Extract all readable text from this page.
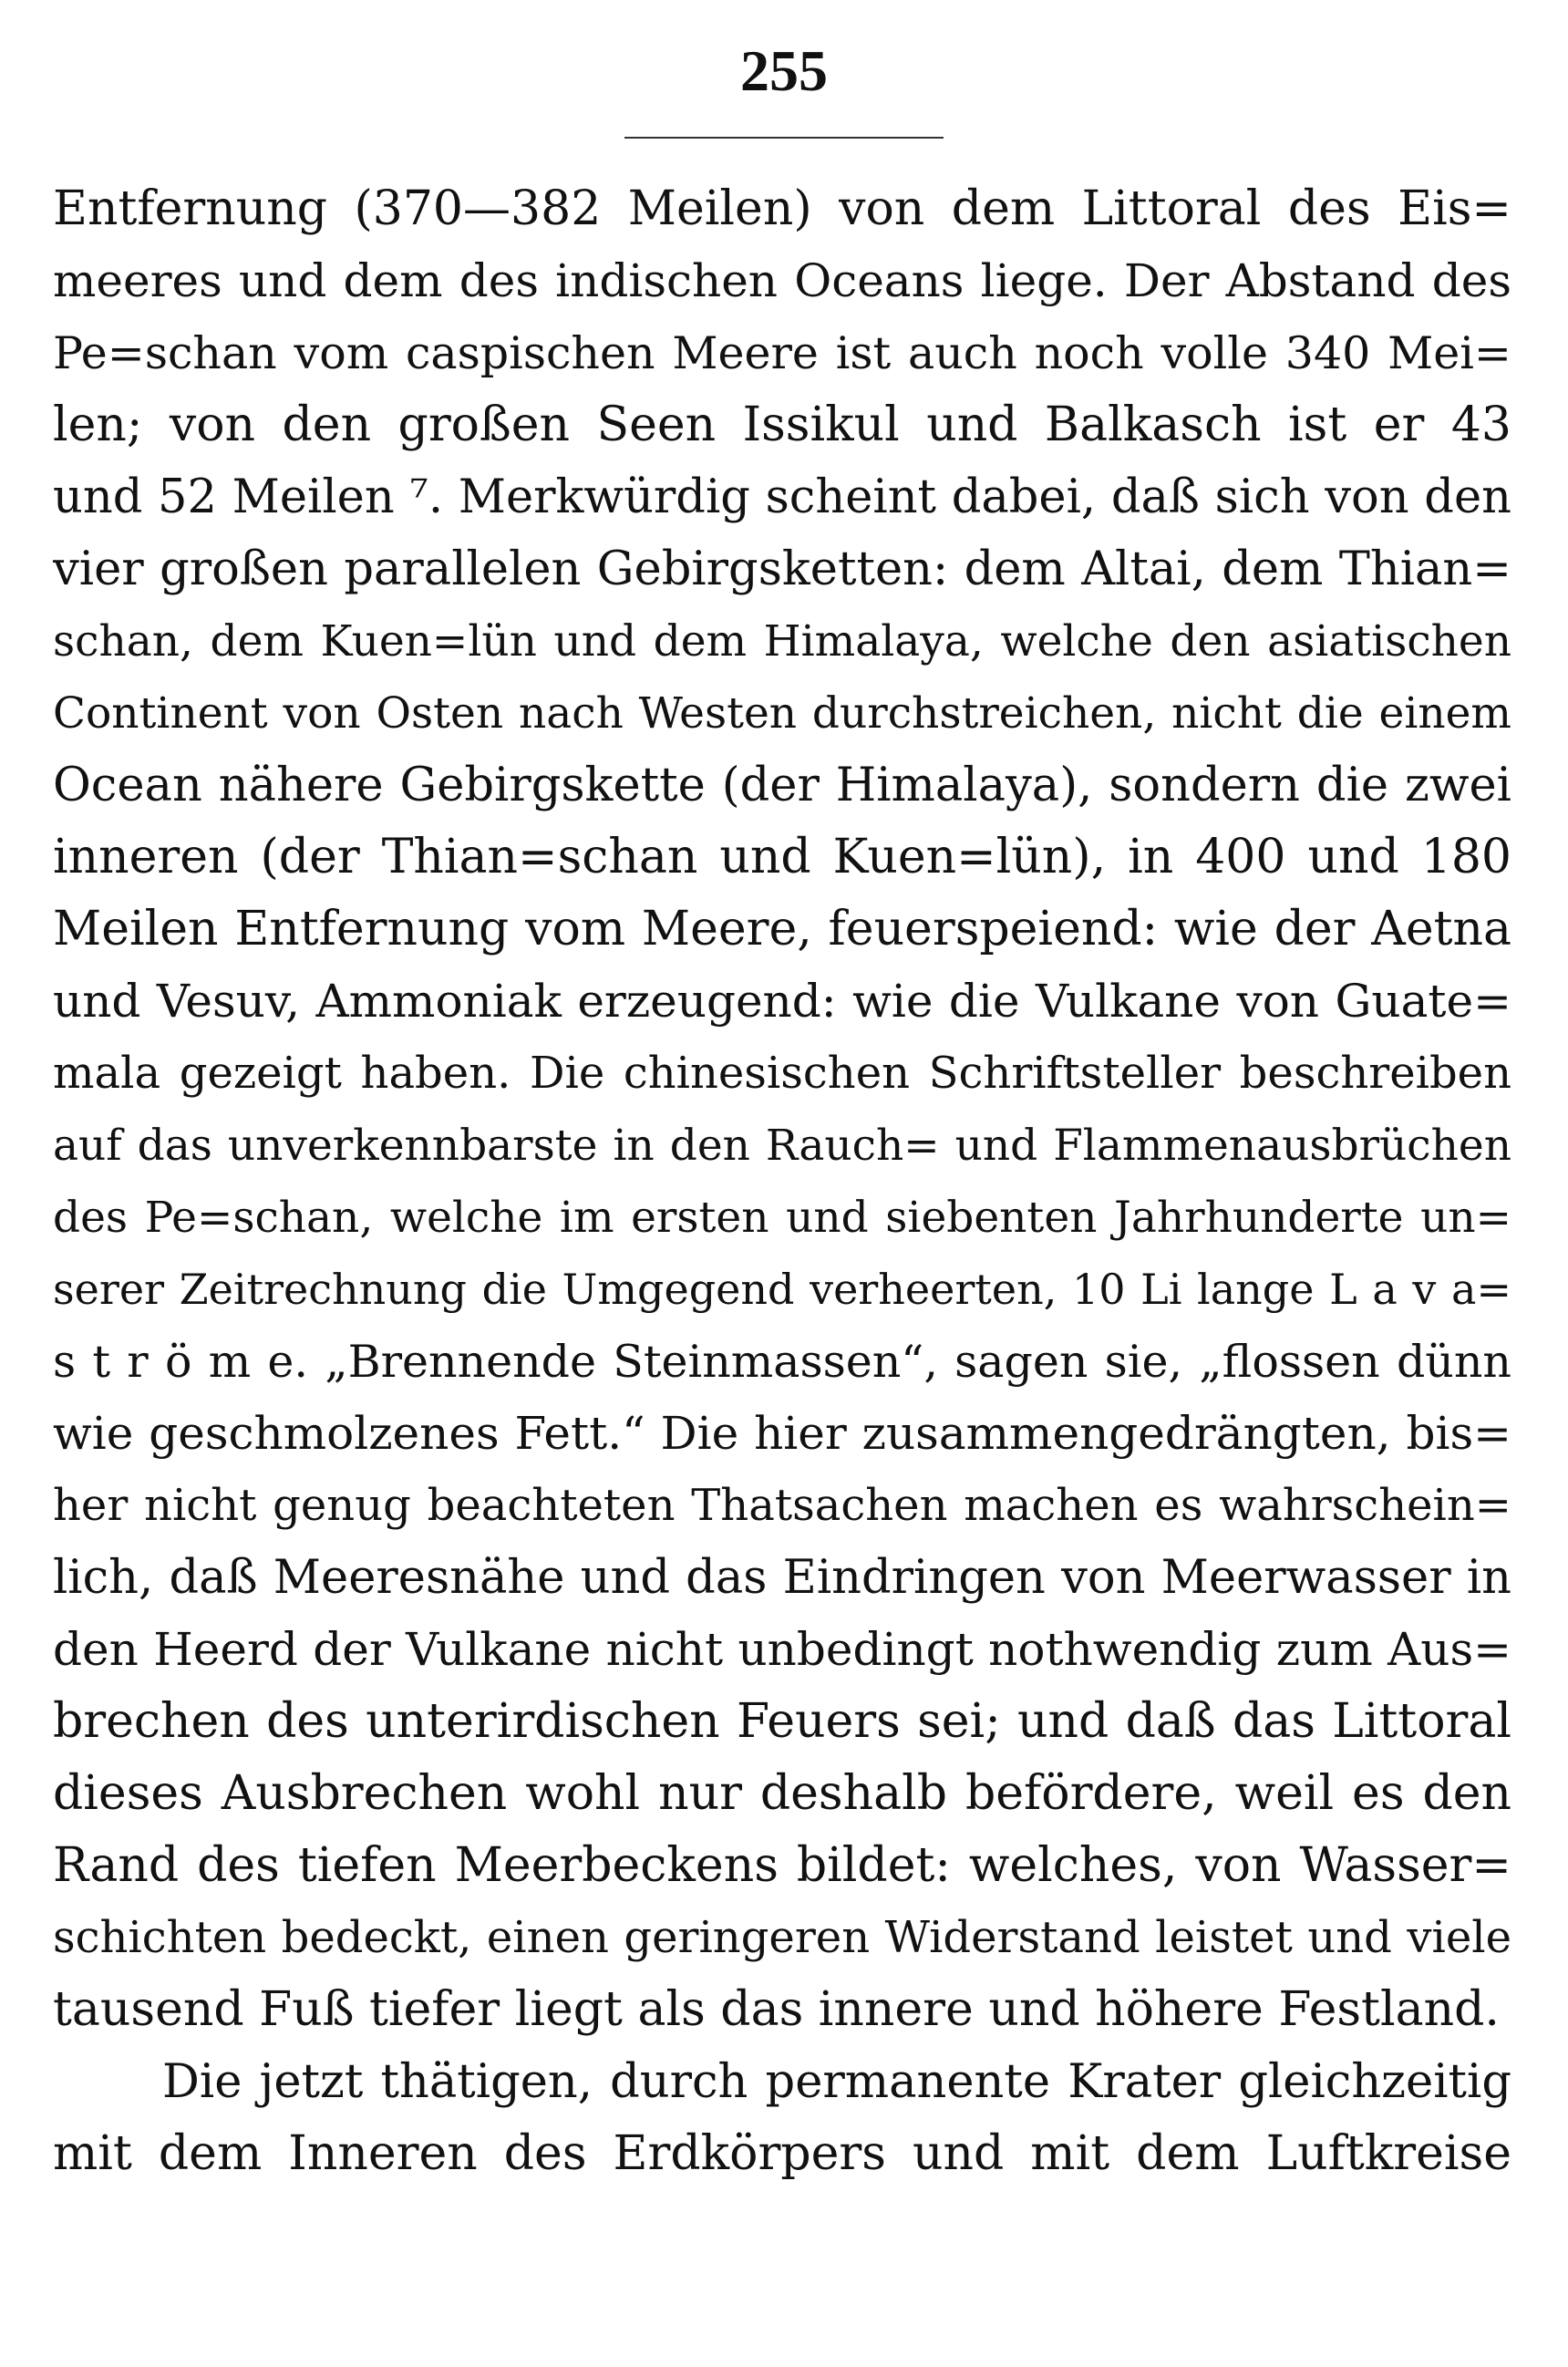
255
Entfernung (370—382 Meilen) von dem Littoral des Eis=
meeres und dem des indischen Oceans liege. Der Abstand des
Pe=schan vom caspischen Meere ist auch noch volle 340 Mei=
len; von den großen Seen Issikul und Balkasch ist er 43
und 52 Meilen ⁷. Merkwürdig scheint dabei, daß sich von den
vier großen parallelen Gebirgsketten: dem Altai, dem Thian=
schan, dem Kuen=lün und dem Himalaya, welche den asiatischen
Continent von Osten nach Westen durchstreichen, nicht die einem
Ocean nähere Gebirgskette (der Himalaya), sondern die zwei
inneren (der Thian=schan und Kuen=lün), in 400 und 180
Meilen Entfernung vom Meere, feuerspeiend: wie der Aetna
und Vesuv, Ammoniak erzeugend: wie die Vulkane von Guate=
mala gezeigt haben. Die chinesischen Schriftsteller beschreiben
auf das unverkennbarste in den Rauch= und Flammenausbrüchen
des Pe=schan, welche im ersten und siebenten Jahrhunderte un=
serer Zeitrechnung die Umgegend verheerten, 10 Li lange L a v a=
s t r ö m e. „Brennende Steinmassen“, sagen sie, „flossen dünn
wie geschmolzenes Fett.“ Die hier zusammengedrängten, bis=
her nicht genug beachteten Thatsachen machen es wahrschein=
lich, daß Meeresnähe und das Eindringen von Meerwasser in
den Heerd der Vulkane nicht unbedingt nothwendig zum Aus=
brechen des unterirdischen Feuers sei; und daß das Littoral
dieses Ausbrechen wohl nur deshalb befördere, weil es den
Rand des tiefen Meerbeckens bildet: welches, von Wasser=
schichten bedeckt, einen geringeren Widerstand leistet und viele
tausend Fuß tiefer liegt als das innere und höhere Festland.
Die jetzt thätigen, durch permanente Krater gleichzeitig
mit dem Inneren des Erdkörpers und mit dem Luftkreise
